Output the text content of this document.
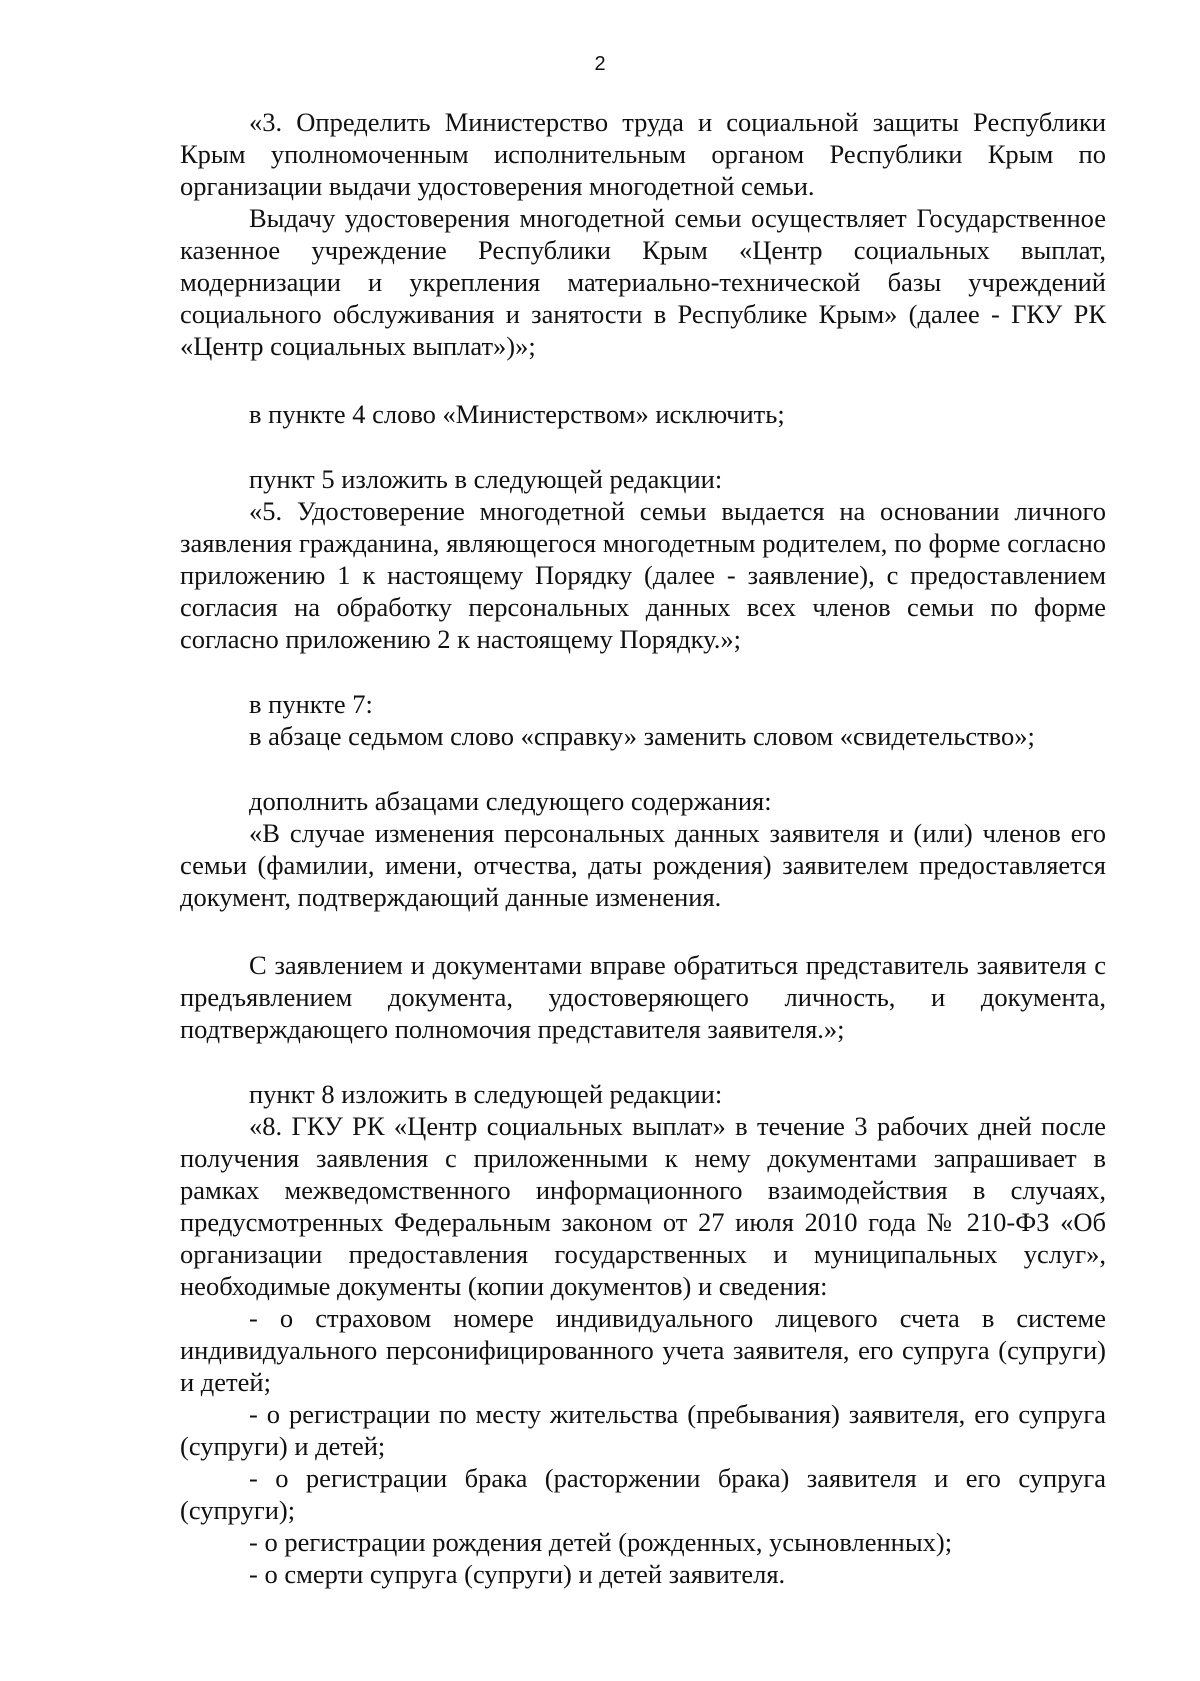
2

«3. Определить Министерство труда и социальной защиты Республики Крым уполномоченным исполнительным органом Республики Крым по организации выдачи удостоверения многодетной семьи.

Выдачу удостоверения многодетной семьи осуществляет Государственное казенное учреждение Республики Крым «Центр социальных выплат, модернизации и укрепления материально-технической базы учреждений социального обслуживания и занятости в Республике Крым» (далее - ГКУ РК «Центр социальных выплат»)»;

в пункте 4 слово «Министерством» исключить;

пункт 5 изложить в следующей редакции:

«5. Удостоверение многодетной семьи выдается на основании личного заявления гражданина, являющегося многодетным родителем, по форме согласно приложению 1 к настоящему Порядку (далее - заявление), с предоставлением согласия на обработку персональных данных всех членов семьи по форме согласно приложению 2 к настоящему Порядку.»;

в пункте 7:

в абзаце седьмом слово «справку» заменить словом «свидетельство»;

дополнить абзацами следующего содержания:

«В случае изменения персональных данных заявителя и (или) членов его семьи (фамилии, имени, отчества, даты рождения) заявителем предоставляется документ, подтверждающий данные изменения.

С заявлением и документами вправе обратиться представитель заявителя с предъявлением документа, удостоверяющего личность, и документа, подтверждающего полномочия представителя заявителя.»;

пункт 8 изложить в следующей редакции:

«8. ГКУ РК «Центр социальных выплат» в течение 3 рабочих дней после получения заявления с приложенными к нему документами запрашивает в рамках межведомственного информационного взаимодействия в случаях, предусмотренных Федеральным законом от 27 июля 2010 года № 210-ФЗ «Об организации предоставления государственных и муниципальных услуг», необходимые документы (копии документов) и сведения:

- о страховом номере индивидуального лицевого счета в системе индивидуального персонифицированного учета заявителя, его супруга (супруги) и детей;

- о регистрации по месту жительства (пребывания) заявителя, его супруга (супруги) и детей;

- о регистрации брака (расторжении брака) заявителя и его супруга (супруги);

- о регистрации рождения детей (рожденных, усыновленных);

- о смерти супруга (супруги) и детей заявителя.
